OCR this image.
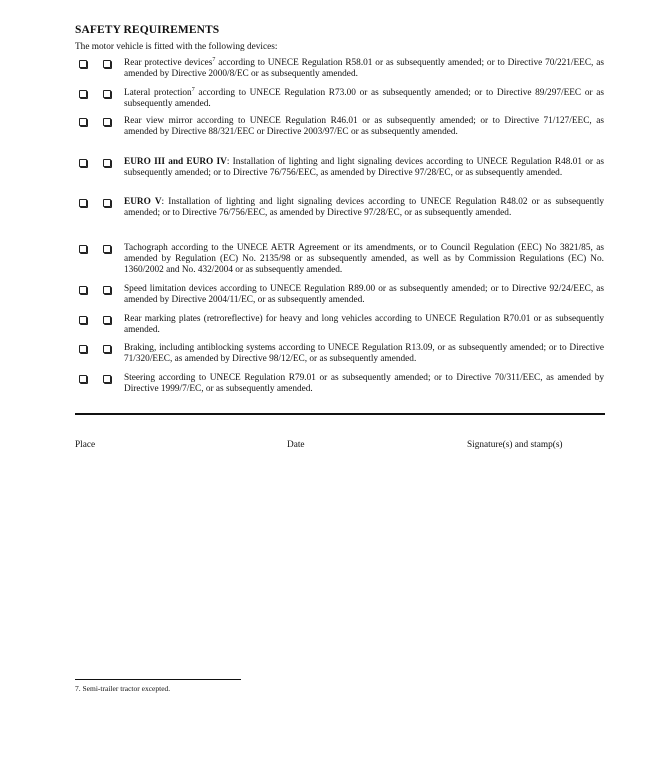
SAFETY REQUIREMENTS
The motor vehicle is fitted with the following devices:
Rear protective devices$^7$ according to UNECE Regulation R58.01 or as subsequently amended; or to Directive 70/221/EEC, as amended by Directive 2000/8/EC or as subsequently amended.
Lateral protection$^7$ according to UNECE Regulation R73.00 or as subsequently amended; or to Directive 89/297/EEC or as subsequently amended.
Rear view mirror according to UNECE Regulation R46.01 or as subsequently amended; or to Directive 71/127/EEC, as amended by Directive 88/321/EEC or Directive 2003/97/EC or as subsequently amended.
EURO III and EURO IV: Installation of lighting and light signaling devices according to UNECE Regulation R48.01 or as subsequently amended; or to Directive 76/756/EEC, as amended by Directive 97/28/EC, or as subsequently amended.
EURO V: Installation of lighting and light signaling devices according to UNECE Regulation R48.02 or as subsequently amended; or to Directive 76/756/EEC, as amended by Directive 97/28/EC, or as subsequently amended.
Tachograph according to the UNECE AETR Agreement or its amendments, or to Council Regulation (EEC) No 3821/85, as amended by Regulation (EC) No. 2135/98 or as subsequently amended, as well as by Commission Regulations (EC) No. 1360/2002 and No. 432/2004 or as subsequently amended.
Speed limitation devices according to UNECE Regulation R89.00 or as subsequently amended; or to Directive 92/24/EEC, as amended by Directive 2004/11/EC, or as subsequently amended.
Rear marking plates (retroreflective) for heavy and long vehicles according to UNECE Regulation R70.01 or as subsequently amended.
Braking, including antiblocking systems according to UNECE Regulation R13.09, or as subsequently amended; or to Directive 71/320/EEC, as amended by Directive 98/12/EC, or as subsequently amended.
Steering according to UNECE Regulation R79.01 or as subsequently amended; or to Directive 70/311/EEC, as amended by Directive 1999/7/EC, or as subsequently amended.
Place	Date	Signature(s) and stamp(s)
7. Semi-trailer tractor excepted.
